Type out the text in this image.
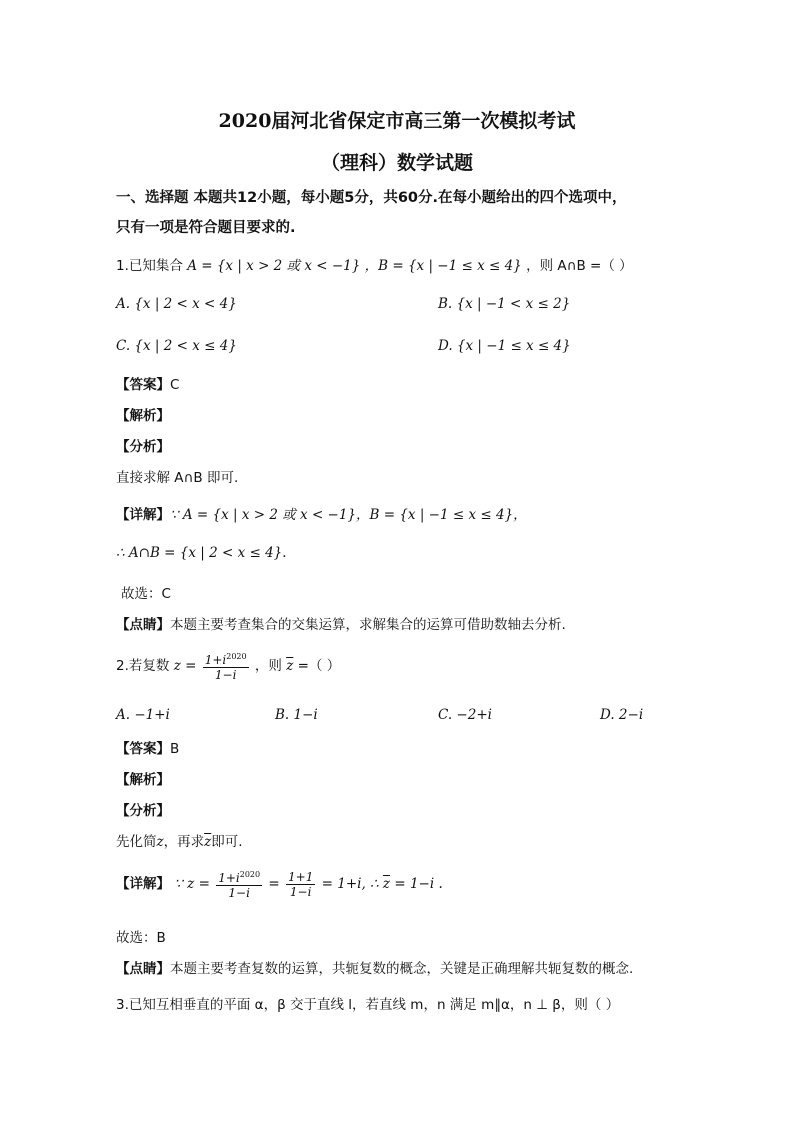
2020届河北省保定市高三第一次模拟考试
（理科）数学试题
一、选择题 本题共12小题，每小题5分，共60分.在每小题给出的四个选项中，
只有一项是符合题目要求的.
1.已知集合 A = {x | x > 2 或 x < −1} ，B = {x | −1 ≤ x ≤ 4} ，则 A∩B =（ ）
A. {x | 2 < x < 4}	B. {x | −1 < x ≤ 2}
C. {x | 2 < x ≤ 4}	D. {x | −1 ≤ x ≤ 4}
【答案】C
【解析】
【分析】
直接求解 A∩B 即可.
【详解】∵ A = {x | x > 2 或 x < −1}，B = {x | −1 ≤ x ≤ 4}，
∴ A∩B = {x | 2 < x ≤ 4}.
故选：C
【点睛】本题主要考查集合的交集运算，求解集合的运算可借助数轴去分析.
2.若复数 $z = \frac{1+i^{2020}}{1-i}$ ，则 $\overline{z}$ =（ ）
A. −1+i	B. 1−i	C. −2+i	D. 2−i
【答案】B
【解析】
【分析】
先化简z，再求$\overline{z}$即可.
【详解】 ∵ $z = \frac{1+i^{2020}}{1-i} = \frac{1+1}{1-i} = 1+i$, ∴ $\overline{z} = 1-i$ .
故选：B
【点睛】本题主要考查复数的运算，共轭复数的概念，关键是正确理解共轭复数的概念.
3.已知互相垂直的平面 α，β 交于直线 l，若直线 m，n 满足 m∥α，n ⊥ β，则（ ）
